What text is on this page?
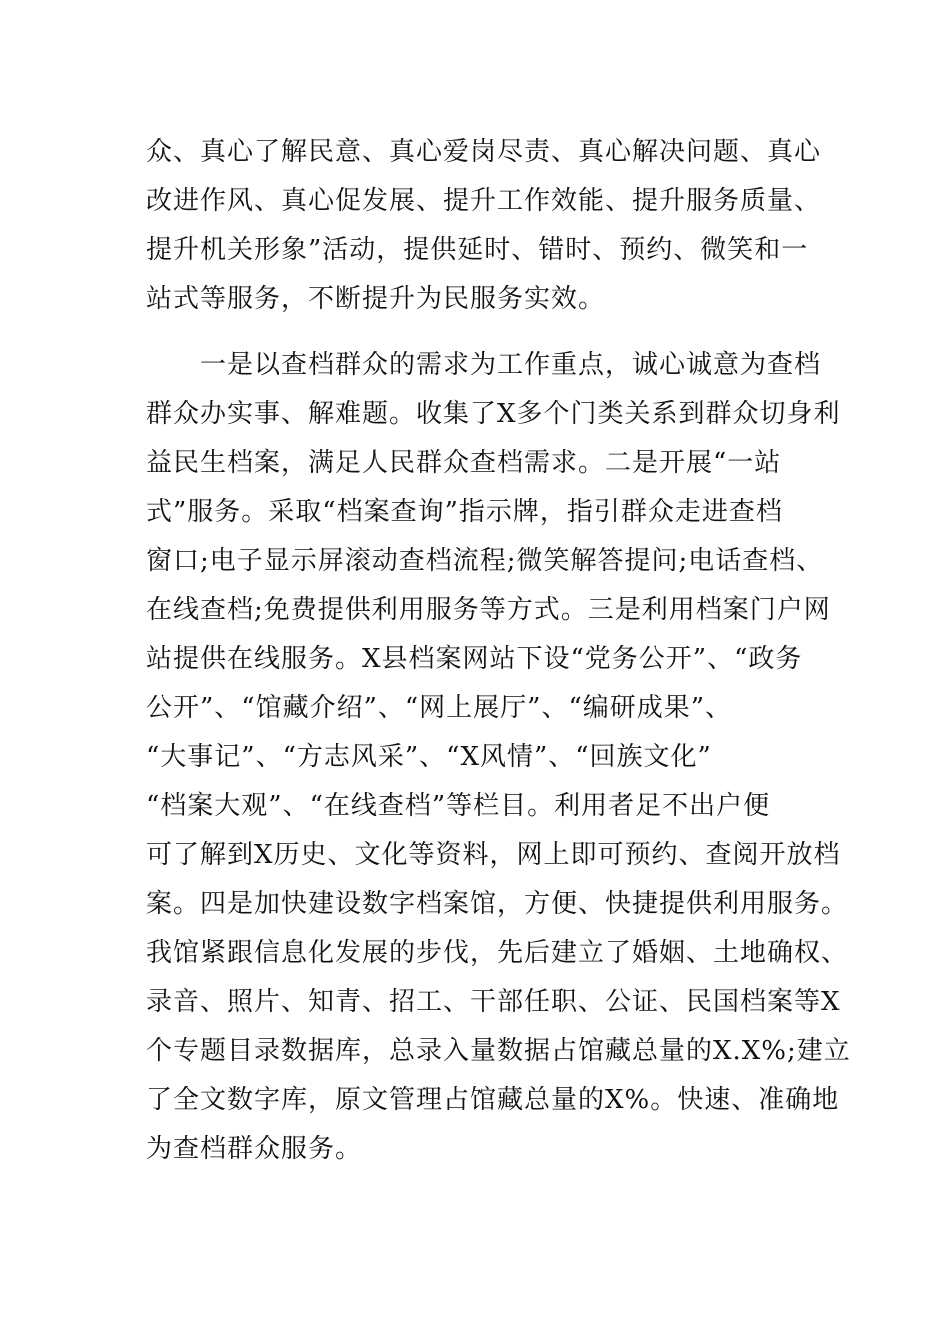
众、真心了解民意、真心爱岗尽责、真心解决问题、真心
改进作风、真心促发展、提升工作效能、提升服务质量、
提升机关形象”活动，提供延时、错时、预约、微笑和一
站式等服务，不断提升为民服务实效。
一是以查档群众的需求为工作重点，诚心诚意为查档
群众办实事、解难题。收集了X多个门类关系到群众切身利
益民生档案，满足人民群众查档需求。二是开展“一站
式”服务。采取“档案查询”指示牌，指引群众走进查档
窗口;电子显示屏滚动查档流程;微笑解答提问;电话查档、
在线查档;免费提供利用服务等方式。三是利用档案门户网
站提供在线服务。X县档案网站下设“党务公开”、“政务
公开”、“馆藏介绍”、“网上展厅”、“编研成果”、
“大事记”、“方志风采”、“X风情”、“回族文化”
“档案大观”、“在线查档”等栏目。利用者足不出户便
可了解到X历史、文化等资料，网上即可预约、查阅开放档
案。四是加快建设数字档案馆，方便、快捷提供利用服务。
我馆紧跟信息化发展的步伐，先后建立了婚姻、土地确权、
录音、照片、知青、招工、干部任职、公证、民国档案等X
个专题目录数据库，总录入量数据占馆藏总量的X.X%;建立
了全文数字库，原文管理占馆藏总量的X%。快速、准确地
为查档群众服务。
